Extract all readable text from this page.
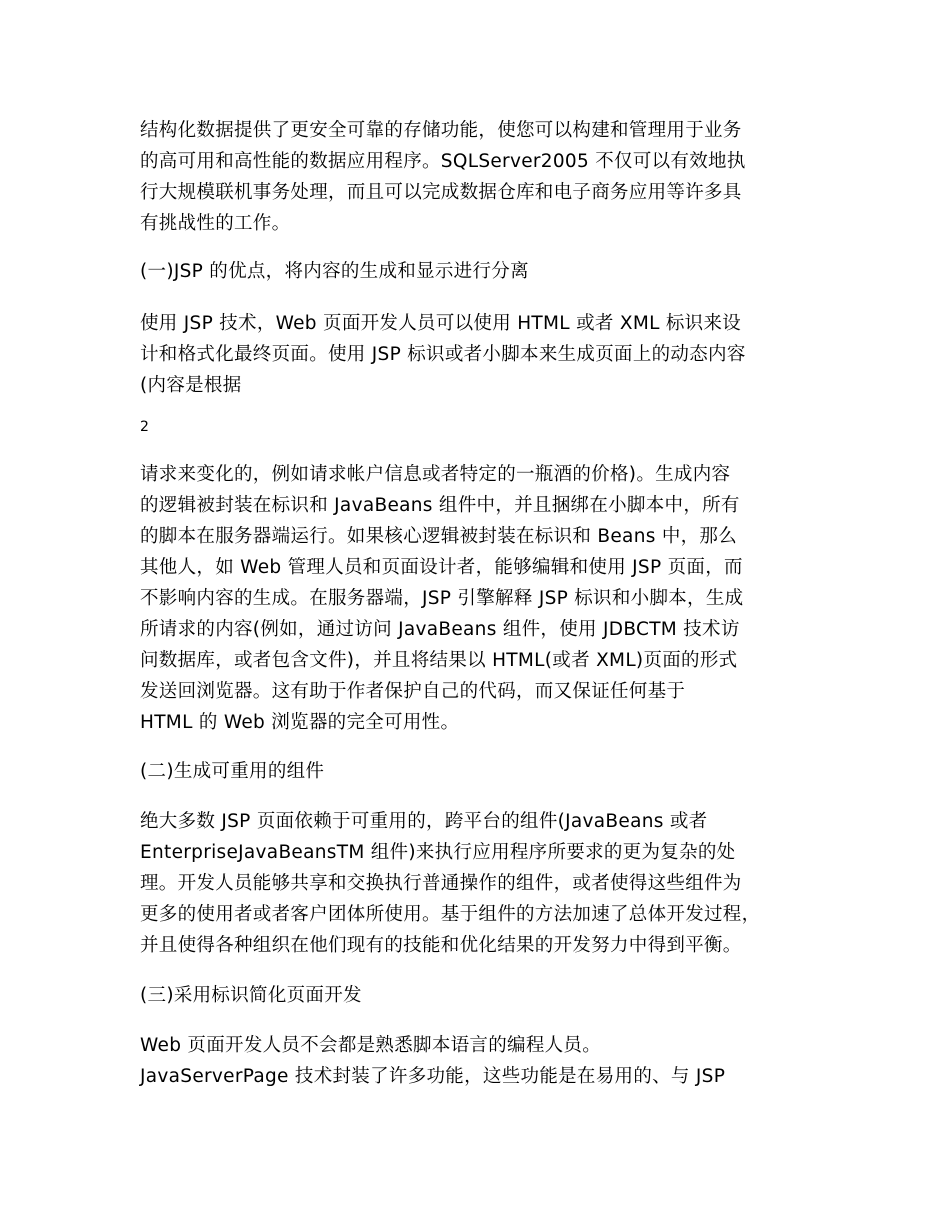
结构化数据提供了更安全可靠的存储功能，使您可以构建和管理用于业务
的高可用和高性能的数据应用程序。SQLServer2005 不仅可以有效地执
行大规模联机事务处理，而且可以完成数据仓库和电子商务应用等许多具
有挑战性的工作。
(一)JSP 的优点，将内容的生成和显示进行分离
使用 JSP 技术，Web 页面开发人员可以使用 HTML 或者 XML 标识来设
计和格式化最终页面。使用 JSP 标识或者小脚本来生成页面上的动态内容
(内容是根据
2
请求来变化的，例如请求帐户信息或者特定的一瓶酒的价格)。生成内容
的逻辑被封装在标识和 JavaBeans 组件中，并且捆绑在小脚本中，所有
的脚本在服务器端运行。如果核心逻辑被封装在标识和 Beans 中，那么
其他人，如 Web 管理人员和页面设计者，能够编辑和使用 JSP 页面，而
不影响内容的生成。在服务器端，JSP 引擎解释 JSP 标识和小脚本，生成
所请求的内容(例如，通过访问 JavaBeans 组件，使用 JDBCTM 技术访
问数据库，或者包含文件)，并且将结果以 HTML(或者 XML)页面的形式
发送回浏览器。这有助于作者保护自己的代码，而又保证任何基于
HTML 的 Web 浏览器的完全可用性。
(二)生成可重用的组件
绝大多数 JSP 页面依赖于可重用的，跨平台的组件(JavaBeans 或者
EnterpriseJavaBeansTM 组件)来执行应用程序所要求的更为复杂的处
理。开发人员能够共享和交换执行普通操作的组件，或者使得这些组件为
更多的使用者或者客户团体所使用。基于组件的方法加速了总体开发过程，
并且使得各种组织在他们现有的技能和优化结果的开发努力中得到平衡。
(三)采用标识简化页面开发
Web 页面开发人员不会都是熟悉脚本语言的编程人员。
JavaServerPage 技术封装了许多功能，这些功能是在易用的、与 JSP
